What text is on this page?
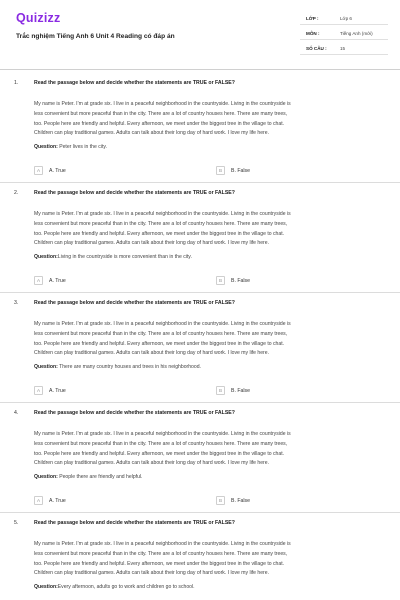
Quizizz
Trắc nghiệm Tiếng Anh 6 Unit 4 Reading có đáp án
LỚP :	Lớp 6
MÔN :	Tiếng Anh (mới)
SỐ CÂU :	15
1.	Read the passage below and decide whether the statements are TRUE or FALSE?
My name is Peter. I'm at grade six. I live in a peaceful neighborhood in the countryside. Living in the countryside is
less convenient but more peaceful than in the city. There are a lot of country houses here. There are many trees,
too. People here are friendly and helpful. Every afternoon, we meet under the biggest tree in the village to chat.
Children can play traditional games. Adults can talk about their long day of hard work. I love my life here.
Question: Peter lives in the city.
A	A. True	B	B. False
2.	Read the passage below and decide whether the statements are TRUE or FALSE?
My name is Peter. I'm at grade six. I live in a peaceful neighborhood in the countryside. Living in the countryside is
less convenient but more peaceful than in the city. There are a lot of country houses here. There are many trees,
too. People here are friendly and helpful. Every afternoon, we meet under the biggest tree in the village to chat.
Children can play traditional games. Adults can talk about their long day of hard work. I love my life here.
Question:Living in the countryside is more convenient than in the city.
A	A. True	B	B. False
3.	Read the passage below and decide whether the statements are TRUE or FALSE?
My name is Peter. I'm at grade six. I live in a peaceful neighborhood in the countryside. Living in the countryside is
less convenient but more peaceful than in the city. There are a lot of country houses here. There are many trees,
too. People here are friendly and helpful. Every afternoon, we meet under the biggest tree in the village to chat.
Children can play traditional games. Adults can talk about their long day of hard work. I love my life here.
Question: There are many country houses and trees in his neighborhood.
A	A. True	B	B. False
4.	Read the passage below and decide whether the statements are TRUE or FALSE?
My name is Peter. I'm at grade six. I live in a peaceful neighborhood in the countryside. Living in the countryside is
less convenient but more peaceful than in the city. There are a lot of country houses here. There are many trees,
too. People here are friendly and helpful. Every afternoon, we meet under the biggest tree in the village to chat.
Children can play traditional games. Adults can talk about their long day of hard work. I love my life here.
Question: People there are friendly and helpful.
A	A. True	B	B. False
5.	Read the passage below and decide whether the statements are TRUE or FALSE?
My name is Peter. I'm at grade six. I live in a peaceful neighborhood in the countryside. Living in the countryside is
less convenient but more peaceful than in the city. There are a lot of country houses here. There are many trees,
too. People here are friendly and helpful. Every afternoon, we meet under the biggest tree in the village to chat.
Children can play traditional games. Adults can talk about their long day of hard work. I love my life here.
Question:Every afternoon, adults go to work and children go to school.
